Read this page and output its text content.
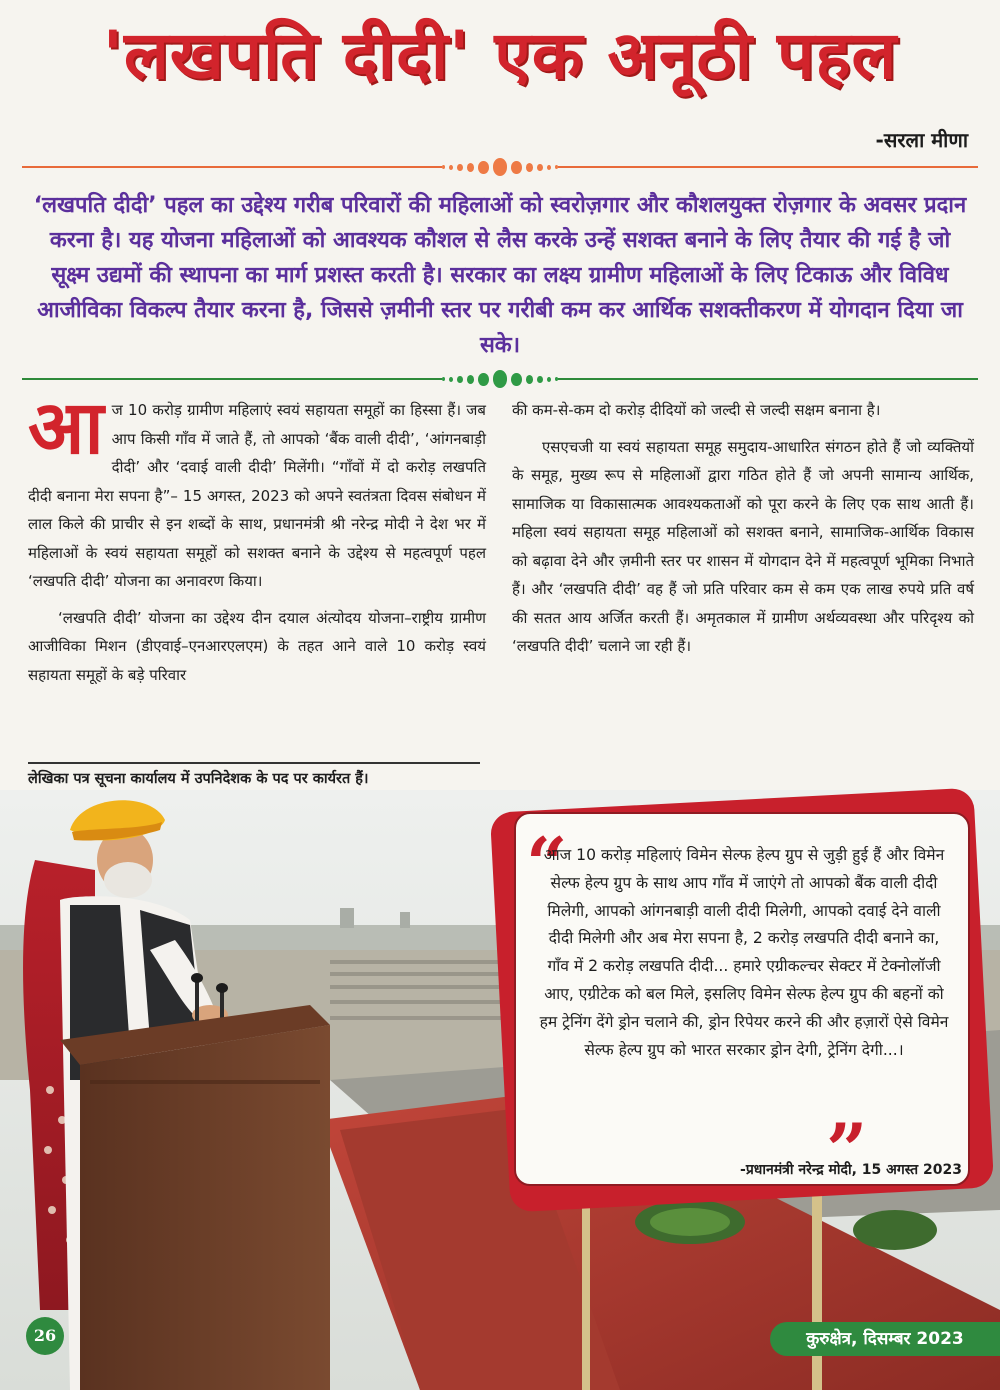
'लखपति दीदी' एक अनूठी पहल
-सरला मीणा
‘लखपति दीदी’ पहल का उद्देश्य गरीब परिवारों की महिलाओं को स्वरोज़गार और कौशलयुक्त रोज़गार के अवसर प्रदान करना है। यह योजना महिलाओं को आवश्यक कौशल से लैस करके उन्हें सशक्त बनाने के लिए तैयार की गई है जो सूक्ष्म उद्यमों की स्थापना का मार्ग प्रशस्त करती है। सरकार का लक्ष्य ग्रामीण महिलाओं के लिए टिकाऊ और विविध आजीविका विकल्प तैयार करना है, जिससे ज़मीनी स्तर पर गरीबी कम कर आर्थिक सशक्तीकरण में योगदान दिया जा सके।

आज 10 करोड़ ग्रामीण महिलाएं स्वयं सहायता समूहों का हिस्सा हैं। जब आप किसी गाँव में जाते हैं, तो आपको ‘बैंक वाली दीदी’, ‘आंगनबाड़ी दीदी’ और ‘दवाई वाली दीदी’ मिलेंगी। “गाँवों में दो करोड़ लखपति दीदी बनाना मेरा सपना है”– 15 अगस्त, 2023 को अपने स्वतंत्रता दिवस संबोधन में लाल किले की प्राचीर से इन शब्दों के साथ, प्रधानमंत्री श्री नरेन्द्र मोदी ने देश भर में महिलाओं के स्वयं सहायता समूहों को सशक्त बनाने के उद्देश्य से महत्वपूर्ण पहल ‘लखपति दीदी’ योजना का अनावरण किया।

‘लखपति दीदी’ योजना का उद्देश्य दीन दयाल अंत्योदय योजना–राष्ट्रीय ग्रामीण आजीविका मिशन (डीएवाई–एनआरएलएम) के तहत आने वाले 10 करोड़ स्वयं सहायता समूहों के बड़े परिवार

की कम-से-कम दो करोड़ दीदियों को जल्दी से जल्दी सक्षम बनाना है।

एसएचजी या स्वयं सहायता समूह समुदाय-आधारित संगठन होते हैं जो व्यक्तियों के समूह, मुख्य रूप से महिलाओं द्वारा गठित होते हैं जो अपनी सामान्य आर्थिक, सामाजिक या विकासात्मक आवश्यकताओं को पूरा करने के लिए एक साथ आती हैं। महिला स्वयं सहायता समूह महिलाओं को सशक्त बनाने, सामाजिक-आर्थिक विकास को बढ़ावा देने और ज़मीनी स्तर पर शासन में योगदान देने में महत्वपूर्ण भूमिका निभाते हैं। और ‘लखपति दीदी’ वह हैं जो प्रति परिवार कम से कम एक लाख रुपये प्रति वर्ष की सतत आय अर्जित करती हैं। अमृतकाल में ग्रामीण अर्थव्यवस्था और परिदृश्य को ‘लखपति दीदी’ चलाने जा रही हैं।

लेखिका पत्र सूचना कार्यालय में उपनिदेशक के पद पर कार्यरत हैं।
“
आज 10 करोड़ महिलाएं विमेन सेल्फ हेल्प ग्रुप से जुड़ी हुई हैं और विमेन सेल्फ हेल्प ग्रुप के साथ आप गाँव में जाएंगे तो आपको बैंक वाली दीदी मिलेगी, आपको आंगनबाड़ी वाली दीदी मिलेगी, आपको दवाई देने वाली दीदी मिलेगी और अब मेरा सपना है, 2 करोड़ लखपति दीदी बनाने का, गाँव में 2 करोड़ लखपति दीदी... हमारे एग्रीकल्चर सेक्टर में टेक्नोलॉजी आए, एग्रीटेक को बल मिले, इसलिए विमेन सेल्फ हेल्प ग्रुप की बहनों को हम ट्रेनिंग देंगे ड्रोन चलाने की, ड्रोन रिपेयर करने की और हज़ारों ऐसे विमेन सेल्फ हेल्प ग्रुप को भारत सरकार ड्रोन देगी, ट्रेनिंग देगी...।
”
-प्रधानमंत्री नरेन्द्र मोदी, 15 अगस्त 2023
26	कुरुक्षेत्र, दिसम्बर 2023
